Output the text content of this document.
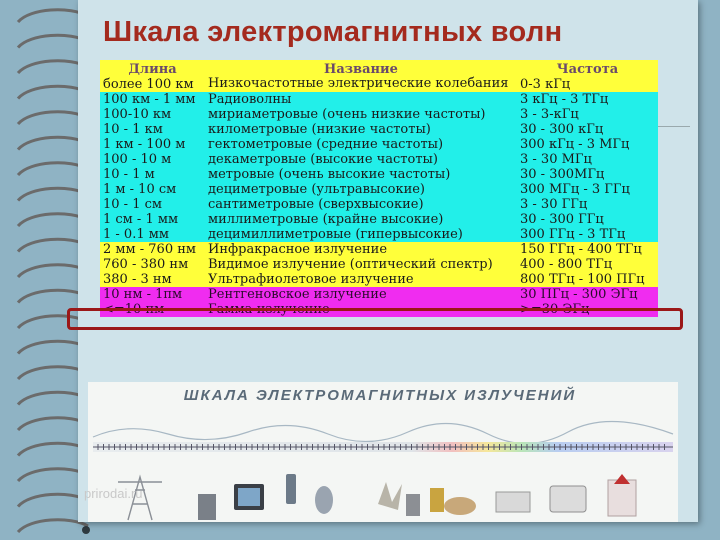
Шкала электромагнитных волн
Длина	Название	Частота
более 100 км	Низкочастотные электрические колебания	0-3 кГц
100 км - 1 мм	Радиоволны	3 кГц - 3 ТГц
100-10 км	мириаметровые (очень низкие частоты)	3 - 3-кГц
10 - 1 км	километровые (низкие частоты)	30 - 300 кГц
1 км - 100 м	гектометровые (средние частоты)	300 кГц - 3 МГц
100 - 10 м	декаметровые (высокие частоты)	3 - 30 МГц
10 - 1 м	метровые (очень высокие частоты)	30 - 300МГц
1 м - 10 см	дециметровые (ультравысокие)	300 МГц - 3 ГГц
10 - 1 см	сантиметровые (сверхвысокие)	3 - 30 ГГц
1 см - 1 мм	миллиметровые (крайне высокие)	30 - 300 ГГц
1 - 0.1 мм	децимиллиметровые (гипервысокие)	300 ГГц - 3 ТГц
2 мм - 760 нм	Инфракрасное излучение	150 ГГц - 400 ТГц
760 - 380 нм	Видимое излучение (оптический спектр)	400 - 800 ТГц
380 - 3 нм	Ультрафиолетовое излучение	800 ТГц - 100 ПГц
10 нм - 1пм	Рентгеновское излучение	30 ПГц - 300 ЭГц
<=10 пм	Гамма-излучение	>=30 ЭГц
ШКАЛА ЭЛЕКТРОМАГНИТНЫХ ИЗЛУЧЕНИЙ
prirodai.ru
